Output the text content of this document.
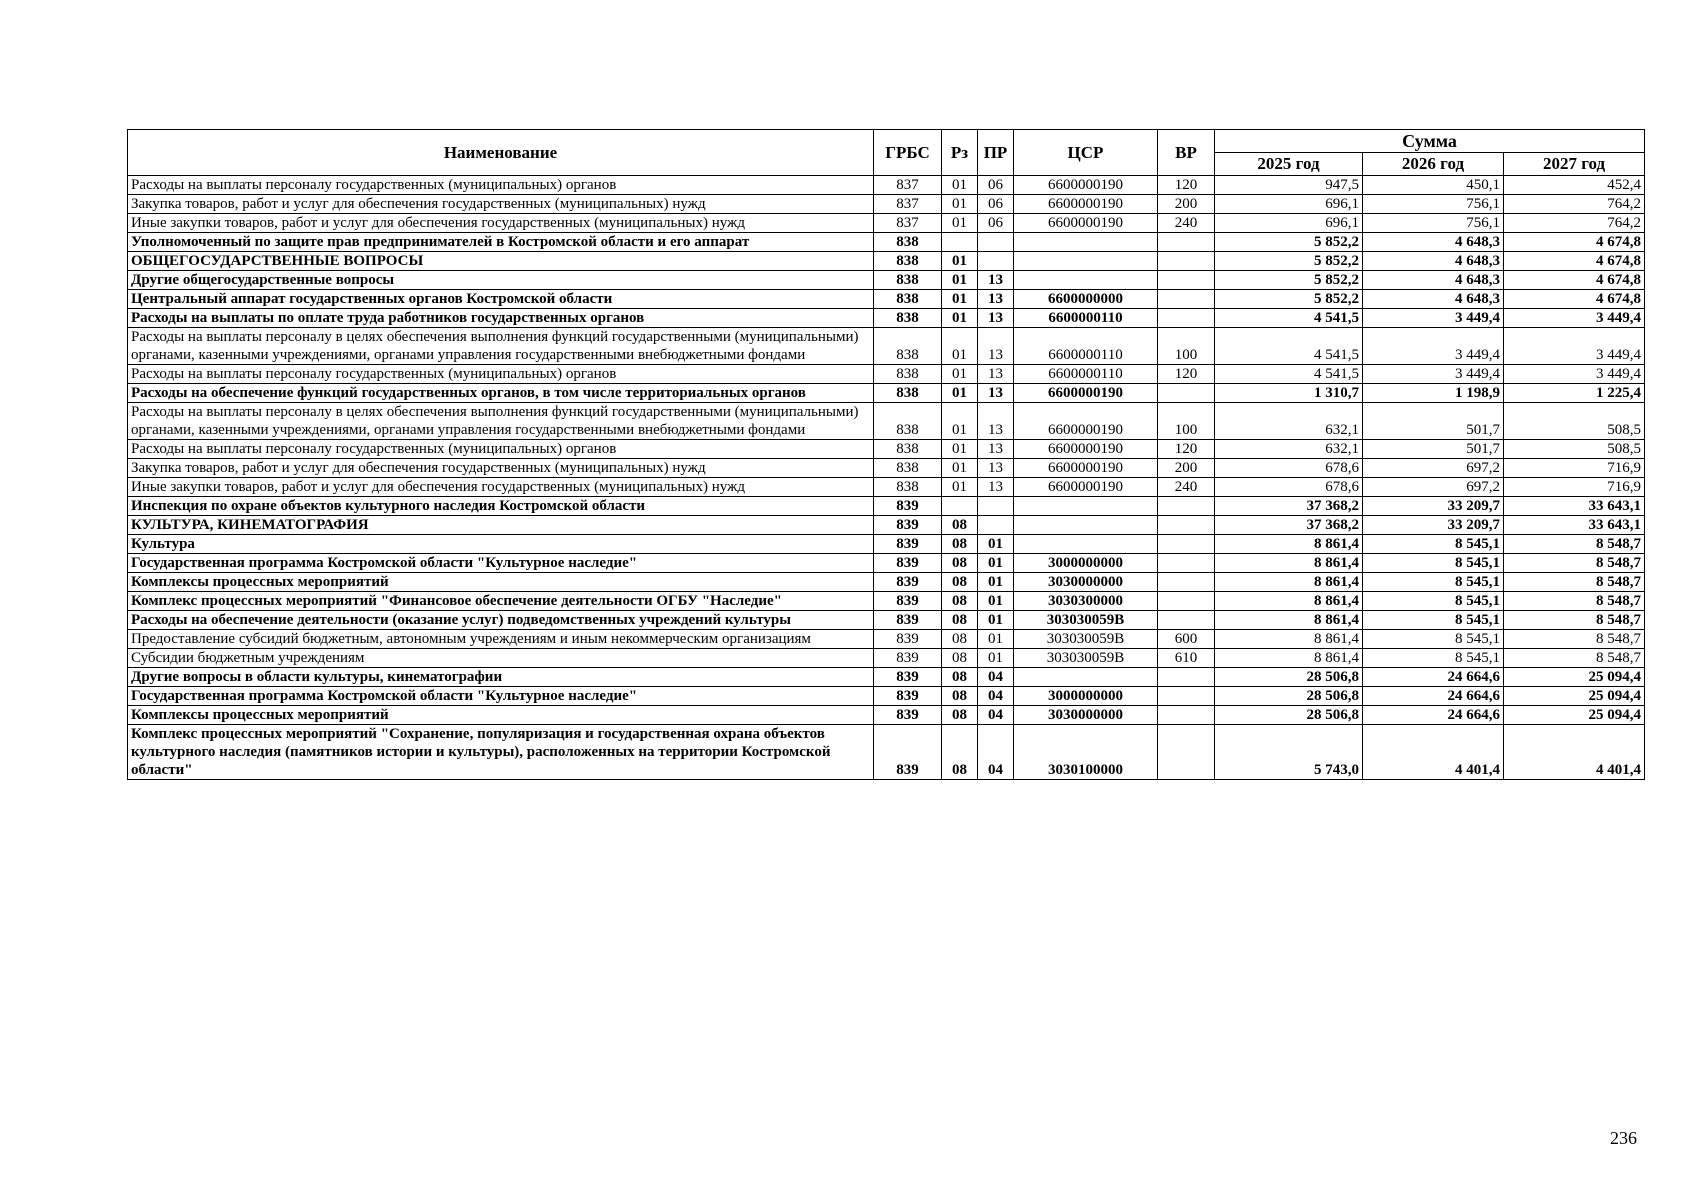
Наименование	ГРБС	Рз	ПР	ЦСР	ВР	Сумма		
						2025 год	2026 год	2027 год
Расходы на выплаты персоналу государственных (муниципальных) органов	837	01	06	6600000190	120	947,5	450,1	452,4
Закупка товаров, работ и услуг для обеспечения государственных (муниципальных) нужд	837	01	06	6600000190	200	696,1	756,1	764,2
Иные закупки товаров, работ и услуг для обеспечения государственных (муниципальных) нужд	837	01	06	6600000190	240	696,1	756,1	764,2
Уполномоченный по защите прав предпринимателей в Костромской области и его аппарат	838					5 852,2	4 648,3	4 674,8
ОБЩЕГОСУДАРСТВЕННЫЕ ВОПРОСЫ	838	01				5 852,2	4 648,3	4 674,8
Другие общегосударственные вопросы	838	01	13			5 852,2	4 648,3	4 674,8
Центральный аппарат государственных органов Костромской области	838	01	13	6600000000		5 852,2	4 648,3	4 674,8
Расходы на выплаты по оплате труда работников государственных органов	838	01	13	6600000110		4 541,5	3 449,4	3 449,4
Расходы на выплаты персоналу в целях обеспечения выполнения функций государственными (муниципальными) органами, казенными учреждениями, органами управления государственными внебюджетными фондами	838	01	13	6600000110	100	4 541,5	3 449,4	3 449,4
Расходы на выплаты персоналу государственных (муниципальных) органов	838	01	13	6600000110	120	4 541,5	3 449,4	3 449,4
Расходы на обеспечение функций государственных органов, в том числе территориальных органов	838	01	13	6600000190		1 310,7	1 198,9	1 225,4
Расходы на выплаты персоналу в целях обеспечения выполнения функций государственными (муниципальными) органами, казенными учреждениями, органами управления государственными внебюджетными фондами	838	01	13	6600000190	100	632,1	501,7	508,5
Расходы на выплаты персоналу государственных (муниципальных) органов	838	01	13	6600000190	120	632,1	501,7	508,5
Закупка товаров, работ и услуг для обеспечения государственных (муниципальных) нужд	838	01	13	6600000190	200	678,6	697,2	716,9
Иные закупки товаров, работ и услуг для обеспечения государственных (муниципальных) нужд	838	01	13	6600000190	240	678,6	697,2	716,9
Инспекция по охране объектов культурного наследия Костромской области	839					37 368,2	33 209,7	33 643,1
КУЛЬТУРА, КИНЕМАТОГРАФИЯ	839	08				37 368,2	33 209,7	33 643,1
Культура	839	08	01			8 861,4	8 545,1	8 548,7
Государственная программа Костромской области "Культурное наследие"	839	08	01	3000000000		8 861,4	8 545,1	8 548,7
Комплексы процессных мероприятий	839	08	01	3030000000		8 861,4	8 545,1	8 548,7
Комплекс процессных мероприятий "Финансовое обеспечение деятельности ОГБУ "Наследие"	839	08	01	3030300000		8 861,4	8 545,1	8 548,7
Расходы на обеспечение деятельности (оказание услуг) подведомственных учреждений культуры	839	08	01	303030059В		8 861,4	8 545,1	8 548,7
Предоставление субсидий бюджетным, автономным учреждениям и иным некоммерческим организациям	839	08	01	303030059В	600	8 861,4	8 545,1	8 548,7
Субсидии бюджетным учреждениям	839	08	01	303030059В	610	8 861,4	8 545,1	8 548,7
Другие вопросы в области культуры, кинематографии	839	08	04			28 506,8	24 664,6	25 094,4
Государственная программа Костромской области "Культурное наследие"	839	08	04	3000000000		28 506,8	24 664,6	25 094,4
Комплексы процессных мероприятий	839	08	04	3030000000		28 506,8	24 664,6	25 094,4
Комплекс процессных мероприятий "Сохранение, популяризация и государственная охрана объектов культурного наследия (памятников истории и культуры), расположенных на территории Костромской области"	839	08	04	3030100000		5 743,0	4 401,4	4 401,4
236
